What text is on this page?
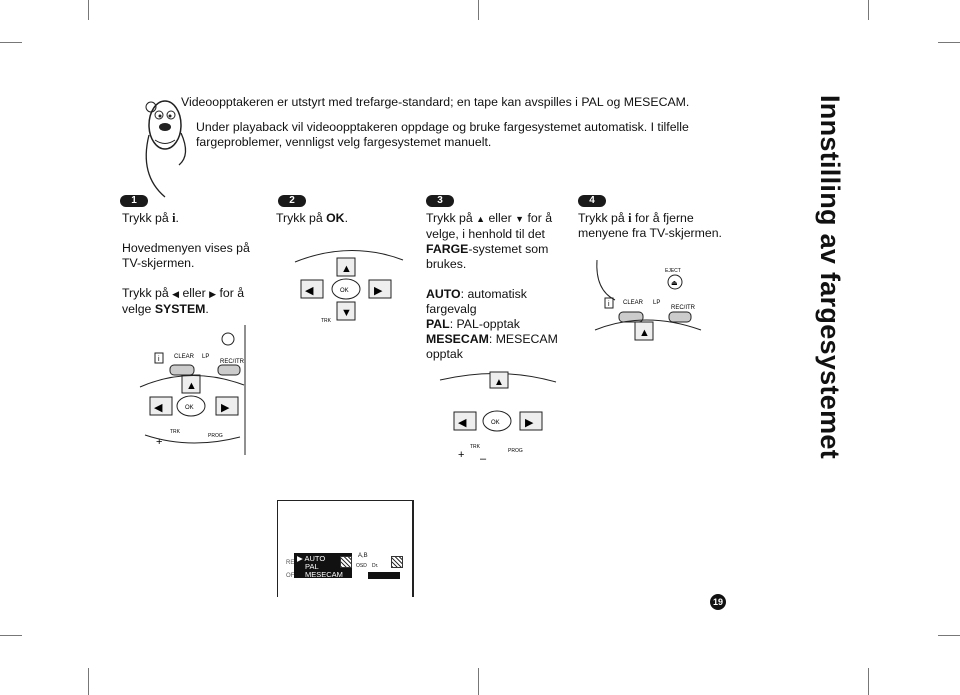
Videoopptakeren er utstyrt med trefarge-standard; en tape kan avspilles i PAL og MESECAM.
Under playaback vil videoopptakeren oppdage og bruke fargesystemet automatisk. I tilfelle
fargeproblemer, vennligst velg fargesystemet manuelt.
1	2	3	4

Trykk på i.

Hovedmenyen vises på TV-skjermen.

Trykk på ◀ eller ▶ for å velge SYSTEM.

Trykk på OK.	Trykk på ▲ eller ▼ for å velge, i henhold til det FARGE-systemet som brukes.

AUTO: automatisk fargevalg

PAL: PAL-opptak

MESECAM: MESECAM opptak

Trykk på i for å fjerne menyene fra TV-skjermen.

i CLEAR LP
REC/ITR
▲
◀	OK ▶
TRK
PROG
+
▲
◀	OK ▶
▼
TRK
▲
◀	OK ▶
TRK
PROG
+ –
EJECT
⏏
i CLEAR LP
REC/ITR
▲
RE
OF
▶ AUTO
PAL
MESECAM
A,B
OSD Dr.
Innstilling av fargesystemet
19
